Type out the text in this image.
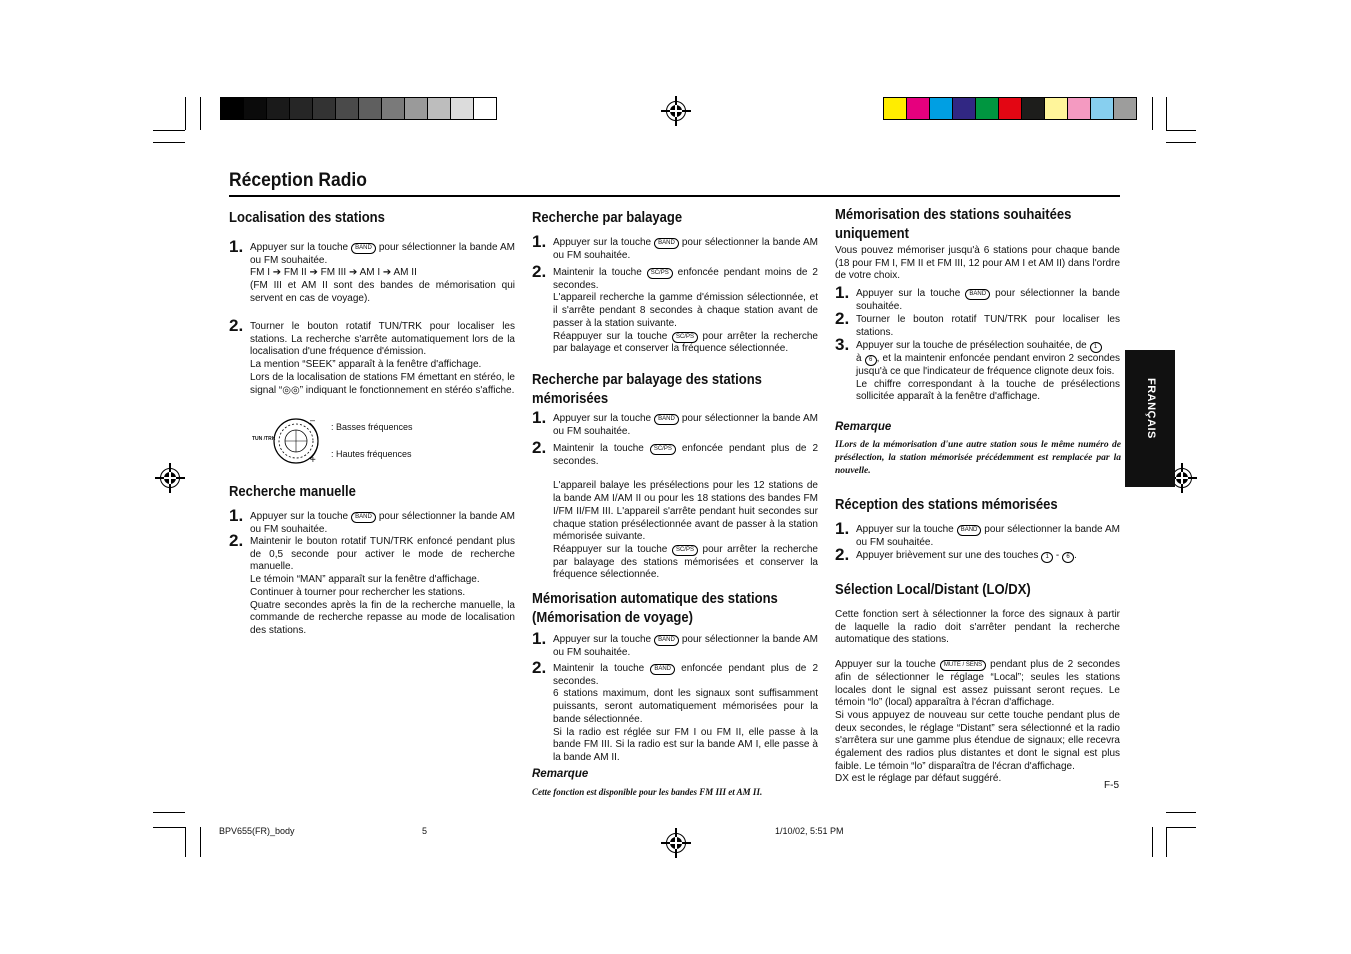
Réception Radio
FRANÇAIS
Localisation des stations
1. Appuyer sur la touche BAND pour sélectionner la bande AM ou FM souhaitée.

FM I ➔ FM II ➔ FM III ➔ AM I ➔ AM II

(FM III et AM II sont des bandes de mémorisation qui servent en cas de voyage).

2. Tourner le bouton rotatif TUN/TRK pour localiser les stations. La recherche s'arrête automatiquement lors de la localisation d'une fréquence d'émission.

La mention “SEEK” apparaît à la fenêtre d'affichage.

Lors de la localisation de stations FM émettant en stéréo, le signal “◎◎” indiquant le fonctionnement en stéréo s'affiche.

TUN /TRK
–
+
: Basses fréquences
: Hautes fréquences
Recherche manuelle
1. Appuyer sur la touche BAND pour sélectionner la bande AM ou FM souhaitée.

2. Maintenir le bouton rotatif TUN/TRK enfoncé pendant plus de 0,5 seconde pour activer le mode de recherche manuelle.

Le témoin “MAN” apparaît sur la fenêtre d'affichage.

Continuer à tourner pour rechercher les stations.

Quatre secondes après la fin de la recherche manuelle, la commande de recherche repasse au mode de localisation des stations.

Recherche par balayage
1. Appuyer sur la touche BAND pour sélectionner la bande AM ou FM souhaitée.

2. Maintenir la touche SC/PS enfoncée pendant moins de 2 secondes.

L'appareil recherche la gamme d'émission sélectionnée, et il s'arrête pendant 8 secondes à chaque station avant de passer à la station suivante.

Réappuyer sur la touche SC/PS pour arrêter la recherche par balayage et conserver la fréquence sélectionnée.

Recherche par balayage des stations mémorisées
1. Appuyer sur la touche BAND pour sélectionner la bande AM ou FM souhaitée.

2. Maintenir la touche SC/PS enfoncée pendant plus de 2 secondes.

L'appareil balaye les présélections pour les 12 stations de la bande AM I/AM II ou pour les 18 stations des bandes FM I/FM II/FM III. L'appareil s'arrête pendant huit secondes sur chaque station présélectionnée avant de passer à la station mémorisée suivante.

Réappuyer sur la touche SC/PS pour arrêter la recherche par balayage des stations mémorisées et conserver la fréquence sélectionnée.

Mémorisation automatique des stations (Mémorisation de voyage)
1. Appuyer sur la touche BAND pour sélectionner la bande AM ou FM souhaitée.

2. Maintenir la touche BAND enfoncée pendant plus de 2 secondes.

6 stations maximum, dont les signaux sont suffisamment puissants, seront automatiquement mémorisées pour la bande sélectionnée.

Si la radio est réglée sur FM I ou FM II, elle passe à la bande FM III. Si la radio est sur la bande AM I, elle passe à la bande AM II.

Remarque
Cette fonction est disponible pour les bandes FM III et AM II.
Mémorisation des stations souhaitées uniquement

Vous pouvez mémoriser jusqu'à 6 stations pour chaque bande (18 pour FM I, FM II et FM III, 12 pour AM I et AM II) dans l'ordre de votre choix.

1. Appuyer sur la touche BAND pour sélectionner la bande souhaitée.

2. Tourner le bouton rotatif TUN/TRK pour localiser les stations.

3. Appuyer sur la touche de présélection souhaitée, de 1
à 6 , et la maintenir enfoncée pendant environ 2 secondes jusqu'à ce que l'indicateur de fréquence clignote deux fois.

Le chiffre correspondant à la touche de présélections sollicitée apparaît à la fenêtre d'affichage.

Remarque
ILors de la mémorisation d'une autre station sous le même numéro de présélection, la station mémorisée précédemment est remplacée par la nouvelle.
Réception des stations mémorisées
1. Appuyer sur la touche BAND pour sélectionner la bande AM ou FM souhaitée.

2. Appuyer brièvement sur une des touches 1 - 6 .

Sélection Local/Distant (LO/DX)

Cette fonction sert à sélectionner la force des signaux à partir de laquelle la radio doit s'arrêter pendant la recherche automatique des stations.

Appuyer sur la touche MUTE / SENS pendant plus de 2 secondes afin de sélectionner le réglage “Local”; seules les stations locales dont le signal est assez puissant seront reçues. Le témoin “lo” (local) apparaîtra à l'écran d'affichage.

Si vous appuyez de nouveau sur cette touche pendant plus de deux secondes, le réglage “Distant” sera sélectionné et la radio s'arrêtera sur une gamme plus étendue de signaux; elle recevra également des radios plus distantes et dont le signal est plus faible. Le témoin “lo” disparaîtra de l'écran d'affichage.

DX est le réglage par défaut suggéré.

F-5
BPV655(FR)_body	5	1/10/02, 5:51 PM
